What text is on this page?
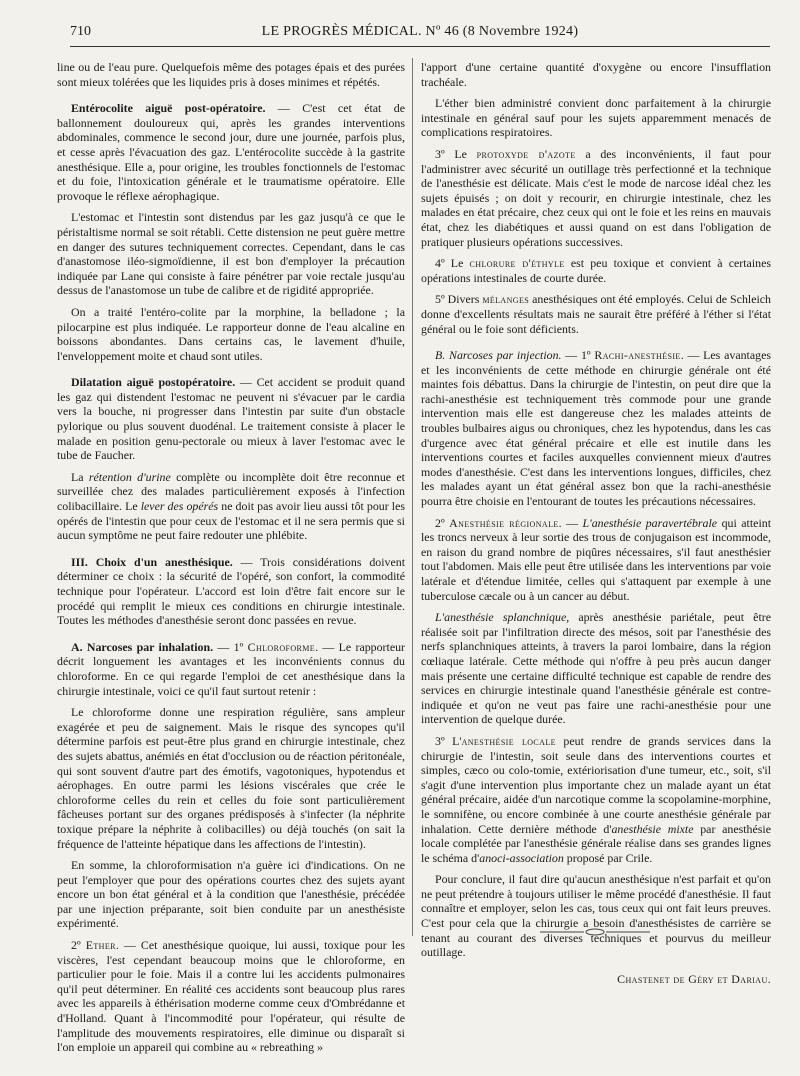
710	LE PROGRÈS MÉDICAL. Nº 46 (8 Novembre 1924)

line ou de l'eau pure. Quelquefois même des potages épais et des purées sont mieux tolérées que les liquides pris à doses minimes et répétés.

Entérocolite aiguë post-opératoire. — C'est cet état de ballonnement douloureux qui, après les grandes interventions abdominales, commence le second jour, dure une journée, parfois plus, et cesse après l'évacuation des gaz. L'entérocolite succède à la gastrite anesthésique. Elle a, pour origine, les troubles fonctionnels de l'estomac et du foie, l'intoxication générale et le traumatisme opératoire. Elle provoque le réflexe aérophagique.

L'estomac et l'intestin sont distendus par les gaz jusqu'à ce que le péristaltisme normal se soit rétabli. Cette distension ne peut guère mettre en danger des sutures techniquement correctes. Cependant, dans le cas d'anastomose iléo-sigmoïdienne, il est bon d'employer la précaution indiquée par Lane qui consiste à faire pénétrer par voie rectale jusqu'au dessus de l'anastomose un tube de calibre et de rigidité appropriée.

On a traité l'entéro-colite par la morphine, la belladone ; la pilocarpine est plus indiquée. Le rapporteur donne de l'eau alcaline en boissons abondantes. Dans certains cas, le lavement d'huile, l'enveloppement moite et chaud sont utiles.

Dilatation aiguë postopératoire. — Cet accident se produit quand les gaz qui distendent l'estomac ne peuvent ni s'évacuer par le cardia vers la bouche, ni progresser dans l'intestin par suite d'un obstacle pylorique ou plus souvent duodénal. Le traitement consiste à placer le malade en position genu-pectorale ou mieux à laver l'estomac avec le tube de Faucher.

La rétention d'urine complète ou incomplète doit être reconnue et surveillée chez des malades particulièrement exposés à l'infection colibacillaire. Le lever des opérés ne doit pas avoir lieu aussi tôt pour les opérés de l'intestin que pour ceux de l'estomac et il ne sera permis que si aucun symptôme ne peut faire redouter une phlébite.

III. Choix d'un anesthésique. — Trois considérations doivent déterminer ce choix : la sécurité de l'opéré, son confort, la commodité technique pour l'opérateur. L'accord est loin d'être fait encore sur le procédé qui remplit le mieux ces conditions en chirurgie intestinale. Toutes les méthodes d'anesthésie seront donc passées en revue.

A. Narcoses par inhalation. — 1º Chloroforme. — Le rapporteur décrit longuement les avantages et les inconvénients connus du chloroforme. En ce qui regarde l'emploi de cet anesthésique dans la chirurgie intestinale, voici ce qu'il faut surtout retenir :

Le chloroforme donne une respiration régulière, sans ampleur exagérée et peu de saignement. Mais le risque des syncopes qu'il détermine parfois est peut-être plus grand en chirurgie intestinale, chez des sujets abattus, anémiés en état d'occlusion ou de réaction péritonéale, qui sont souvent d'autre part des émotifs, vagotoniques, hypotendus et aérophages. En outre parmi les lésions viscérales que crée le chloroforme celles du rein et celles du foie sont particulièrement fâcheuses portant sur des organes prédisposés à s'infecter (la néphrite toxique prépare la néphrite à colibacilles) ou déjà touchés (on sait la fréquence de l'atteinte hépatique dans les affections de l'intestin).

En somme, la chloroformisation n'a guère ici d'indications. On ne peut l'employer que pour des opérations courtes chez des sujets ayant encore un bon état général et à la condition que l'anesthésie, précédée par une injection préparante, soit bien conduite par un anesthésiste expérimenté.

2º Ether. — Cet anesthésique quoique, lui aussi, toxique pour les viscères, l'est cependant beaucoup moins que le chloroforme, en particulier pour le foie. Mais il a contre lui les accidents pulmonaires qu'il peut déterminer. En réalité ces accidents sont beaucoup plus rares avec les appareils à éthérisation moderne comme ceux d'Ombrédanne et d'Holland. Quant à l'incommodité pour l'opérateur, qui résulte de l'amplitude des mouvements respiratoires, elle diminue ou disparaît si l'on emploie un appareil qui combine au « rebreathing »

l'apport d'une certaine quantité d'oxygène ou encore l'insufflation trachéale.

L'éther bien administré convient donc parfaitement à la chirurgie intestinale en général sauf pour les sujets apparemment menacés de complications respiratoires.

3º Le protoxyde d'azote a des inconvénients, il faut pour l'administrer avec sécurité un outillage très perfectionné et la technique de l'anesthésie est délicate. Mais c'est le mode de narcose idéal chez les sujets épuisés ; on doit y recourir, en chirurgie intestinale, chez les malades en état précaire, chez ceux qui ont le foie et les reins en mauvais état, chez les diabétiques et aussi quand on est dans l'obligation de pratiquer plusieurs opérations successives.

4º Le chlorure d'éthyle est peu toxique et convient à certaines opérations intestinales de courte durée.

5º Divers mélanges anesthésiques ont été employés. Celui de Schleich donne d'excellents résultats mais ne saurait être préféré à l'éther si l'état général ou le foie sont déficients.

B. Narcoses par injection. — 1º Rachi-anesthésie. — Les avantages et les inconvénients de cette méthode en chirurgie générale ont été maintes fois débattus. Dans la chirurgie de l'intestin, on peut dire que la rachi-anesthésie est techniquement très commode pour une grande intervention mais elle est dangereuse chez les malades atteints de troubles bulbaires aigus ou chroniques, chez les hypotendus, dans les cas d'urgence avec état général précaire et elle est inutile dans les interventions courtes et faciles auxquelles conviennent mieux d'autres modes d'anesthésie. C'est dans les interventions longues, difficiles, chez les malades ayant un état général assez bon que la rachi-anesthésie pourra être choisie en l'entourant de toutes les précautions nécessaires.

2º Anesthésie régionale. — L'anesthésie paravertébrale qui atteint les troncs nerveux à leur sortie des trous de conjugaison est incommode, en raison du grand nombre de piqûres nécessaires, s'il faut anesthésier tout l'abdomen. Mais elle peut être utilisée dans les interventions par voie latérale et d'étendue limitée, celles qui s'attaquent par exemple à une tuberculose cæcale ou à un cancer au début.

L'anesthésie splanchnique, après anesthésie pariétale, peut être réalisée soit par l'infiltration directe des mésos, soit par l'anesthésie des nerfs splanchniques atteints, à travers la paroi lombaire, dans la région cœliaque latérale. Cette méthode qui n'offre à peu près aucun danger mais présente une certaine difficulté technique est capable de rendre des services en chirurgie intestinale quand l'anesthésie générale est contre-indiquée et qu'on ne veut pas faire une rachi-anesthésie pour une intervention de quelque durée.

3º L'anesthésie locale peut rendre de grands services dans la chirurgie de l'intestin, soit seule dans des interventions courtes et simples, cæco ou colo-tomie, extériorisation d'une tumeur, etc., soit, s'il s'agit d'une intervention plus importante chez un malade ayant un état général précaire, aidée d'un narcotique comme la scopolamine-morphine, le somnifène, ou encore combinée à une courte anesthésie générale par inhalation. Cette dernière méthode d'anesthésie mixte par anesthésie locale complétée par l'anesthésie générale réalise dans ses grandes lignes le schéma d'anoci-association proposé par Crile.

Pour conclure, il faut dire qu'aucun anesthésique n'est parfait et qu'on ne peut prétendre à toujours utiliser le même procédé d'anesthésie. Il faut connaître et employer, selon les cas, tous ceux qui ont fait leurs preuves. C'est pour cela que la chirurgie a besoin d'anesthésistes de carrière se tenant au courant des diverses techniques et pourvus du meilleur outillage.

Chastenet de Géry et Dariau.
